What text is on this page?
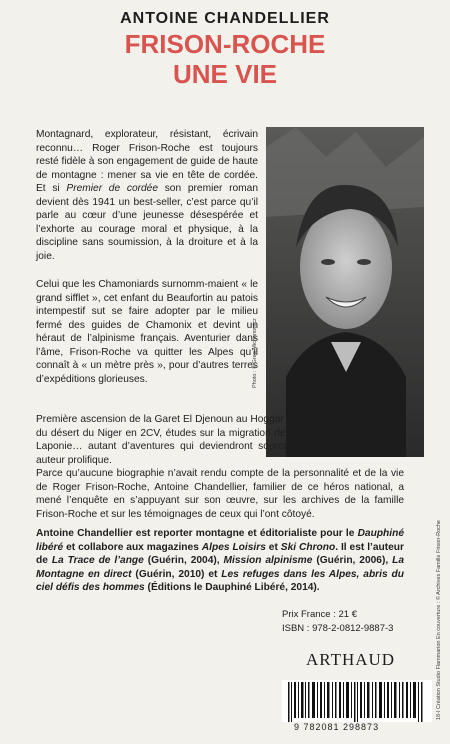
ANTOINE CHANDELLIER
FRISON-ROCHE
UNE VIE

Montagnard, explorateur, résistant, écrivain reconnu… Roger Frison-Roche est toujours resté fidèle à son engagement de guide de haute de montagne : mener sa vie en tête de cordée. Et si Premier de cordée son premier roman devient dès 1941 un best-seller, c’est parce qu’il parle au cœur d’une jeunesse désespérée et l’exhorte au courage moral et physique, à la discipline sans soumission, à la droiture et à la joie.

Celui que les Chamoniards surnomm-maient « le grand sifflet », cet enfant du Beaufortin au patois intempestif sut se faire adopter par le milieu fermé des guides de Chamonix et devint un héraut de l’alpinisme français. Aventurier dans l’âme, Frison-Roche va quitter les Alpes qu’il connaît à « un mètre près », pour d’autres terres d’expéditions glorieuses.	Photo : © Greg Michonowicz

Première ascension de la Garet El Djenoun au Hoggar dans le Sahara, traversée du désert du Niger en 2CV, études sur la migration des troupeaux de rennes en Laponie… autant d’aventures qui deviendront sources d’inspirations pour cet auteur prolifique.

Parce qu’aucune biographie n’avait rendu compte de la personnalité et de la vie de Roger Frison-Roche, Antoine Chandellier, familier de ce héros national, a mené l’enquête en s’appuyant sur son œuvre, sur les archives de la famille Frison-Roche et sur les témoignages de ceux qui l’ont côtoyé.

Antoine Chandellier est reporter montagne et éditorialiste pour le Dauphiné libéré et collabore aux magazines Alpes Loisirs et Ski Chrono. Il est l’auteur de La Trace de l’ange (Guérin, 2004), Mission alpinisme (Guérin, 2006), La Montagne en direct (Guérin, 2010) et Les refuges dans les Alpes, abris du ciel défis des hommes (Éditions le Dauphiné Libéré, 2014).

Prix France : 21 €
ISBN : 978-2-0812-9887-3
ARTHAUD
9 782081 298873
18-I Création Studio Flammarion En couverture : © Archives Famille Frison-Roche
